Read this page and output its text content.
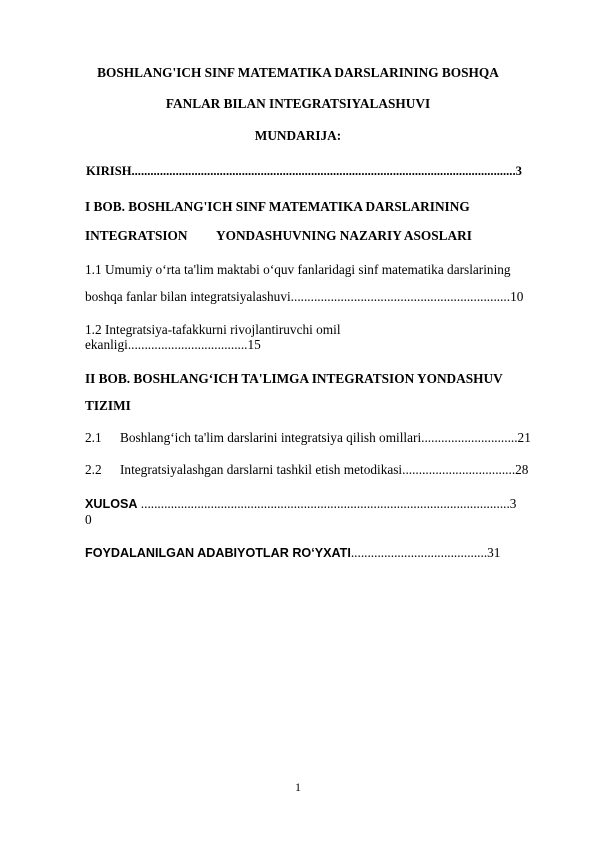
BOSHLANG'ICH SINF MATEMATIKA DARSLARINING BOSHQA
FANLAR BILAN INTEGRATSIYALASHUVI
MUNDARIJA:
KIRISH..........................................................................................................................3
I BOB. BOSHLANG'ICH SINF MATEMATIKA DARSLARINING
INTEGRATSION YONDASHUVNING NAZARIY ASOSLARI
1.1 Umumiy o‘rta ta'lim maktabi o‘quv fanlaridagi sinf matematika darslarining
boshqa fanlar bilan integratsiyalashuvi..................................................................10
1.2 Integratsiya-tafakkurni rivojlantiruvchi omil
ekanligi....................................15
II BOB. BOSHLANG‘ICH TA'LIMGA INTEGRATSION YONDASHUV
TIZIMI
2.1 Boshlang‘ich ta'lim darslarini integratsiya qilish omillari.............................21
2.2 Integratsiyalashgan darslarni tashkil etish metodikasi..................................28
XULOSA ...............................................................................................................3
0
FOYDALANILGAN ADABIYOTLAR RO‘YXATI.........................................31
1
